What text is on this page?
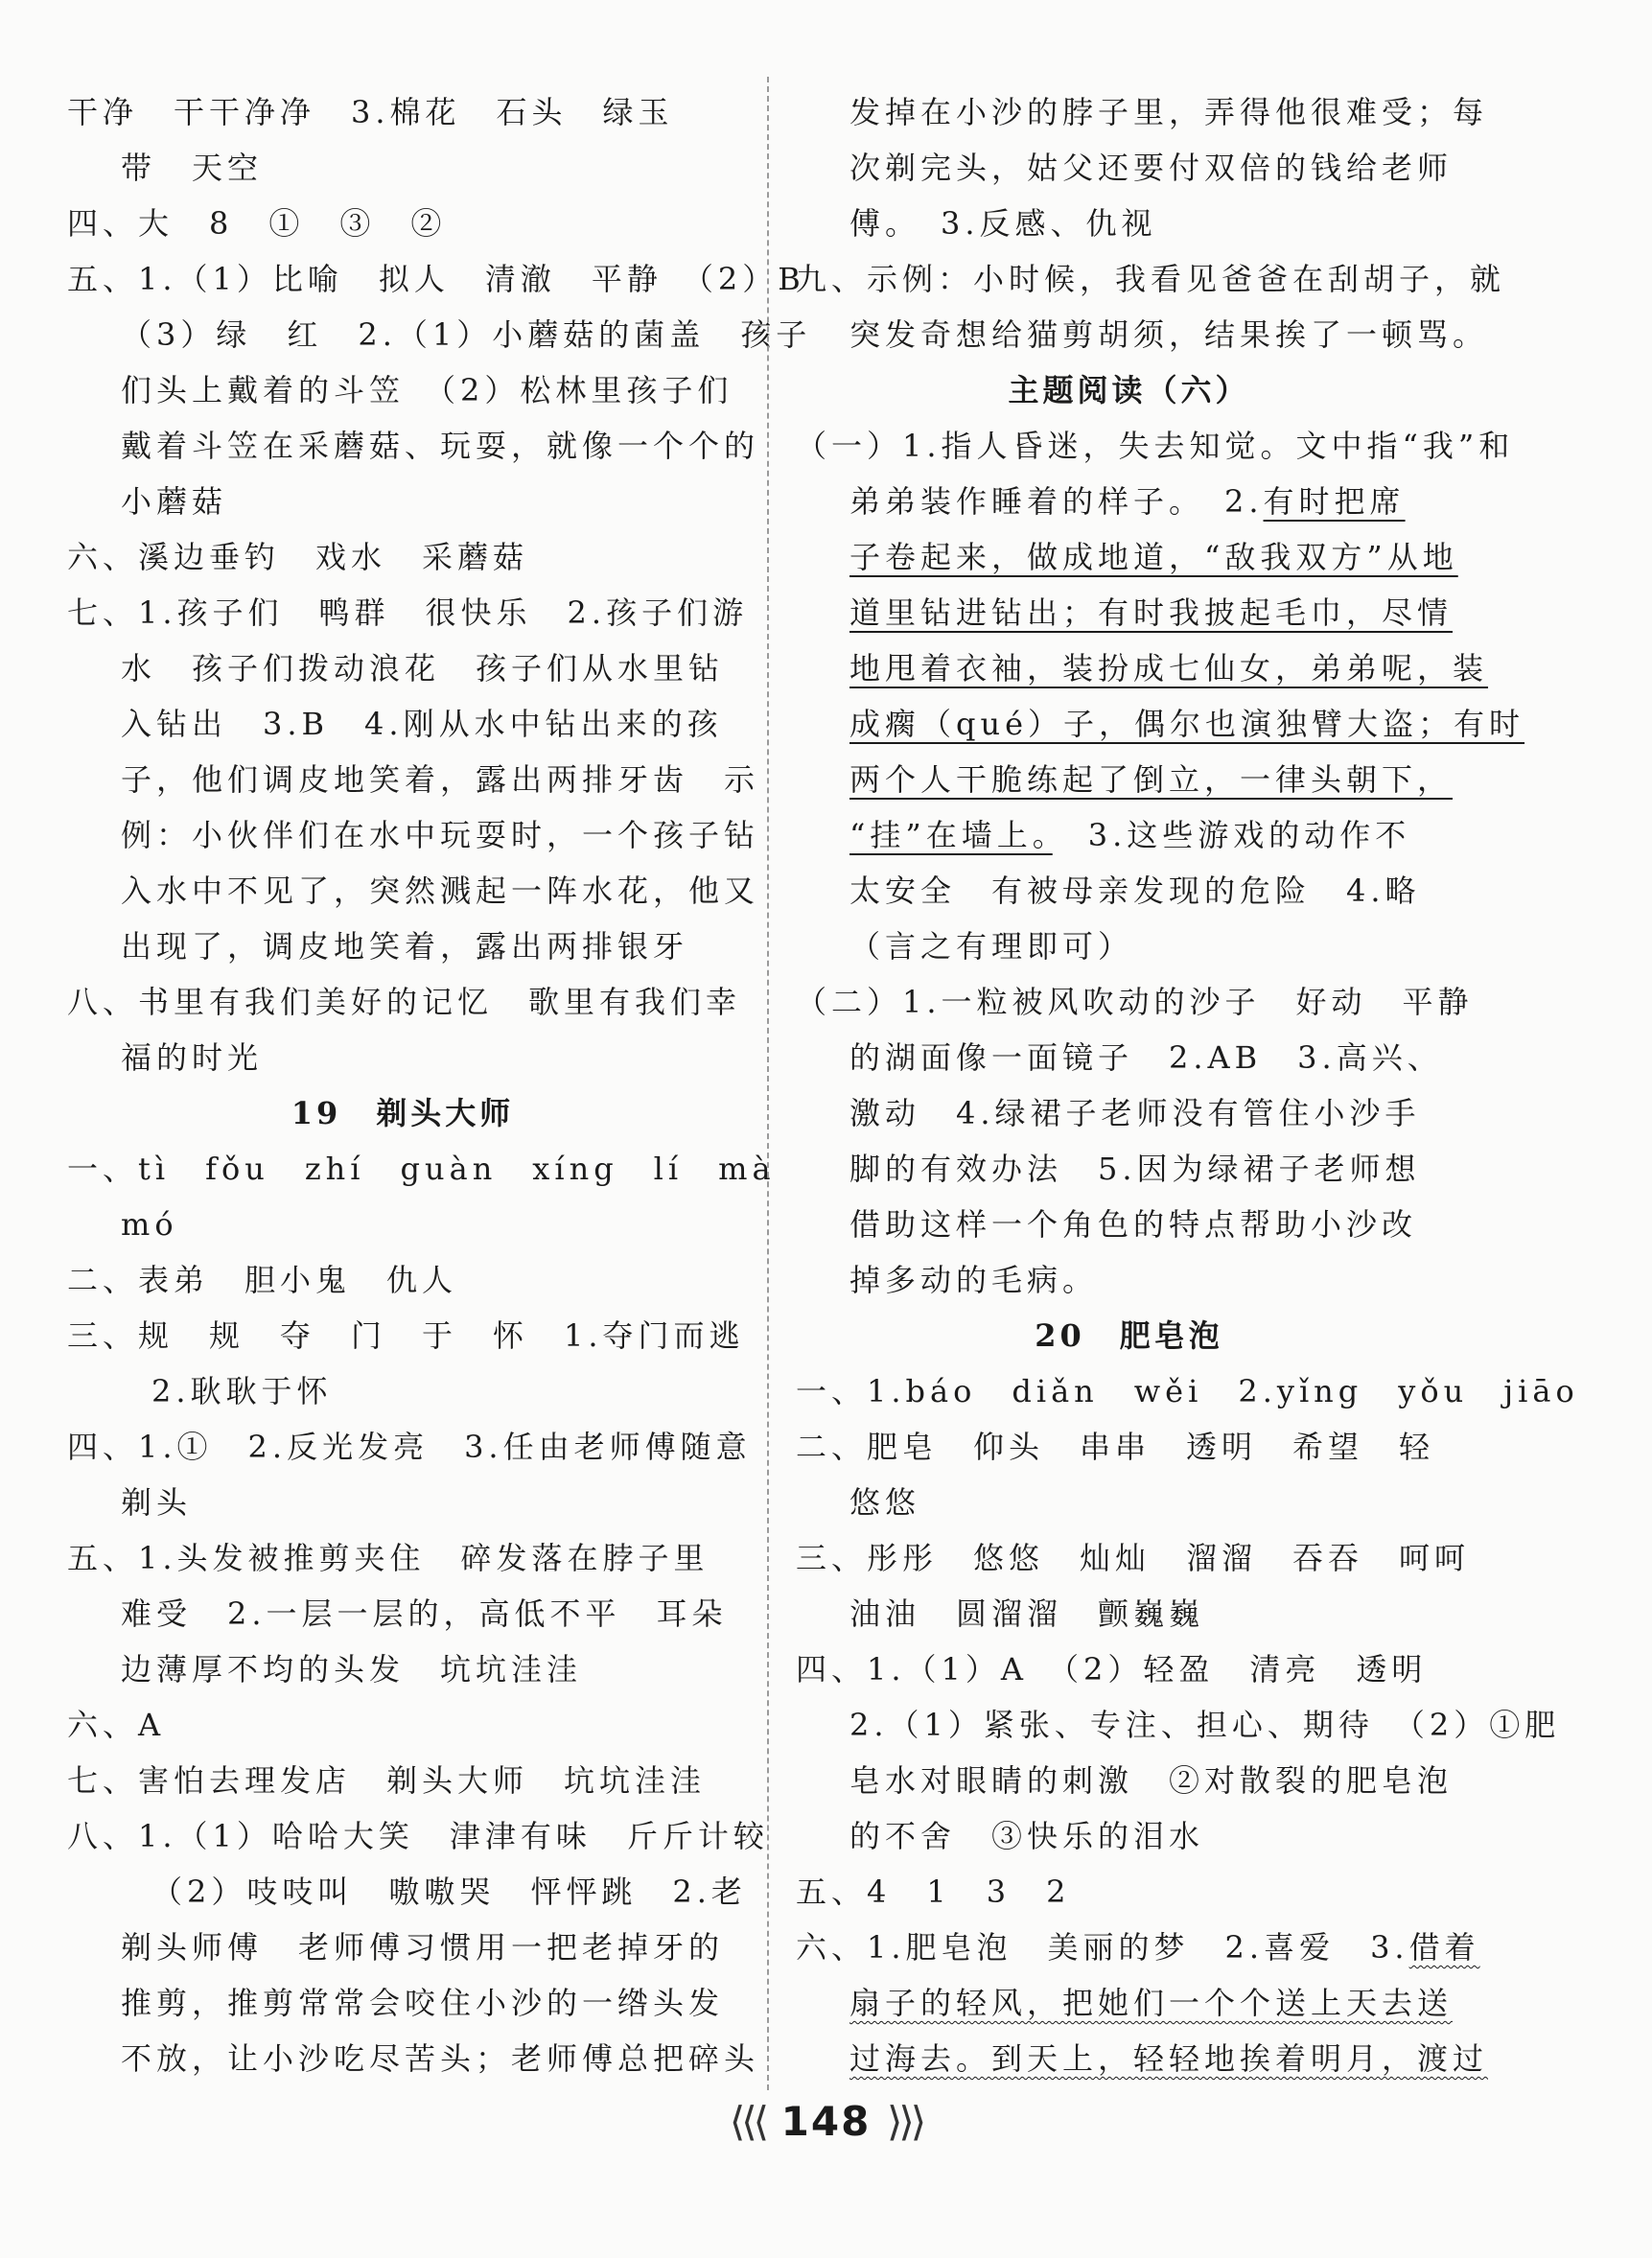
干净　干干净净　3.棉花　石头　绿玉
带　天空
四、大　8　①　③　②
五、1.（1）比喻　拟人　清澈　平静　（2）B
（3）绿　红　2.（1）小蘑菇的菌盖　孩子
们头上戴着的斗笠　（2）松林里孩子们
戴着斗笠在采蘑菇、玩耍，就像一个个的
小蘑菇
六、溪边垂钓　戏水　采蘑菇
七、1.孩子们　鸭群　很快乐　2.孩子们游
水　孩子们拨动浪花　孩子们从水里钻
入钻出　3.B　4.刚从水中钻出来的孩
子，他们调皮地笑着，露出两排牙齿　示
例：小伙伴们在水中玩耍时，一个孩子钻
入水中不见了，突然溅起一阵水花，他又
出现了，调皮地笑着，露出两排银牙
八、书里有我们美好的记忆　歌里有我们幸
福的时光
19　剃头大师
一、tì　fǒu　zhí　guàn　xíng　lí　mà
mó
二、表弟　胆小鬼　仇人
三、规　规　夺　门　于　怀　1.夺门而逃
2.耿耿于怀
四、1.①　2.反光发亮　3.任由老师傅随意
剃头
五、1.头发被推剪夹住　碎发落在脖子里
难受　2.一层一层的，高低不平　耳朵
边薄厚不均的头发　坑坑洼洼
六、A
七、害怕去理发店　剃头大师　坑坑洼洼
八、1.（1）哈哈大笑　津津有味　斤斤计较
（2）吱吱叫　嗷嗷哭　怦怦跳　2.老
剃头师傅　老师傅习惯用一把老掉牙的
推剪，推剪常常会咬住小沙的一绺头发
不放，让小沙吃尽苦头；老师傅总把碎头
发掉在小沙的脖子里，弄得他很难受；每
次剃完头，姑父还要付双倍的钱给老师
傅。　3.反感、仇视
九、示例：小时候，我看见爸爸在刮胡子，就
突发奇想给猫剪胡须，结果挨了一顿骂。
主题阅读（六）
（一）1.指人昏迷，失去知觉。文中指“我”和
弟弟装作睡着的样子。　2.有时把席
子卷起来，做成地道，“敌我双方”从地
道里钻进钻出；有时我披起毛巾，尽情
地甩着衣袖，装扮成七仙女，弟弟呢，装
成瘸（qué）子，偶尔也演独臂大盗；有时
两个人干脆练起了倒立，一律头朝下，
“挂”在墙上。　3.这些游戏的动作不
太安全　有被母亲发现的危险　4.略
（言之有理即可）
（二）1.一粒被风吹动的沙子　好动　平静
的湖面像一面镜子　2.AB　3.高兴、
激动　4.绿裙子老师没有管住小沙手
脚的有效办法　5.因为绿裙子老师想
借助这样一个角色的特点帮助小沙改
掉多动的毛病。
20　肥皂泡
一、1.báo　diǎn　wěi　2.yǐng　yǒu　jiāo
二、肥皂　仰头　串串　透明　希望　轻
悠悠
三、彤彤　悠悠　灿灿　溜溜　吞吞　呵呵
油油　圆溜溜　颤巍巍
四、1.（1）A　（2）轻盈　清亮　透明
2.（1）紧张、专注、担心、期待　（2）①肥
皂水对眼睛的刺激　②对散裂的肥皂泡
的不舍　③快乐的泪水
五、4　1　3　2
六、1.肥皂泡　美丽的梦　2.喜爱　3.借着
扇子的轻风，把她们一个个送上天去送
过海去。到天上，轻轻地挨着明月，渡过
⟨⟨⟨ 148 ⟩⟩⟩
